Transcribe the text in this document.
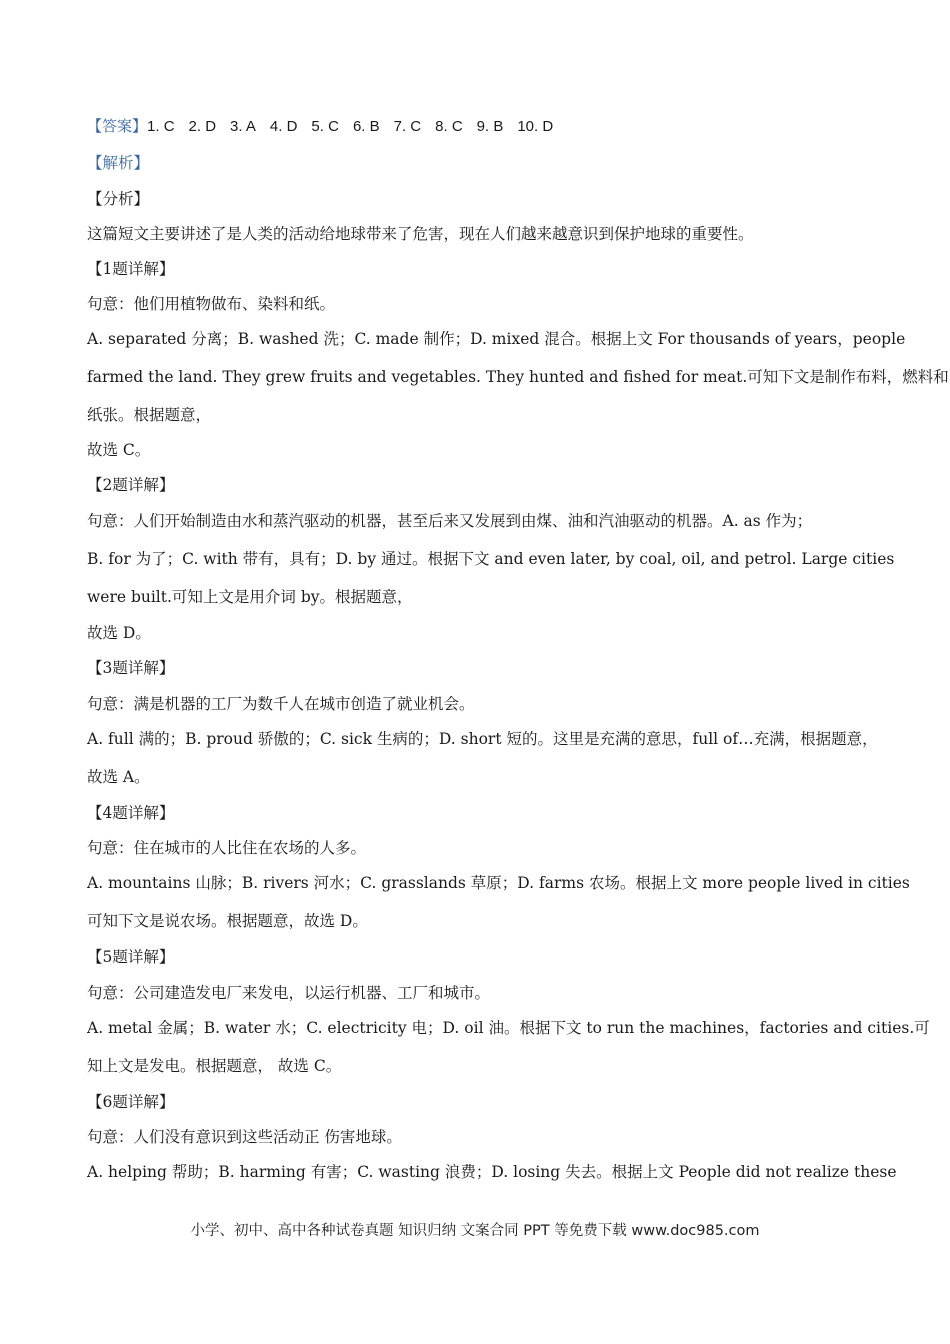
【答案】1. C 2. D 3. A 4. D 5. C 6. B 7. C 8. C 9. B 10. D
【解析】
【分析】
这篇短文主要讲述了是人类的活动给地球带来了危害，现在人们越来越意识到保护地球的重要性。
【1题详解】
句意：他们用植物做布、染料和纸。
A. separated 分离；B. washed 洗；C. made 制作；D. mixed 混合。根据上文 For thousands of years，people
farmed the land. They grew fruits and vegetables. They hunted and fished for meat.可知下文是制作布料，燃料和
纸张。根据题意，
故选 C。
【2题详解】
句意：人们开始制造由水和蒸汽驱动的机器，甚至后来又发展到由煤、油和汽油驱动的机器。A. as 作为；
B. for 为了；C. with 带有，具有；D. by 通过。根据下文 and even later, by coal, oil, and petrol. Large cities
were built.可知上文是用介词 by。根据题意，
故选 D。
【3题详解】
句意：满是机器的工厂为数千人在城市创造了就业机会。
A. full 满的；B. proud 骄傲的；C. sick 生病的；D. short 短的。这里是充满的意思，full of…充满，根据题意，
故选 A。
【4题详解】
句意：住在城市的人比住在农场的人多。
A. mountains 山脉；B. rivers 河水；C. grasslands 草原；D. farms 农场。根据上文 more people lived in cities
可知下文是说农场。根据题意，故选 D。
【5题详解】
句意：公司建造发电厂来发电，以运行机器、工厂和城市。
A. metal 金属；B. water 水；C. electricity 电；D. oil 油。根据下文 to run the machines，factories and cities.可
知上文是发电。根据题意， 故选 C。
【6题详解】
句意：人们没有意识到这些活动正 伤害地球。
A. helping 帮助；B. harming 有害；C. wasting 浪费；D. losing 失去。根据上文 People did not realize these
小学、初中、高中各种试卷真题 知识归纳 文案合同 PPT 等免费下载 www.doc985.com
